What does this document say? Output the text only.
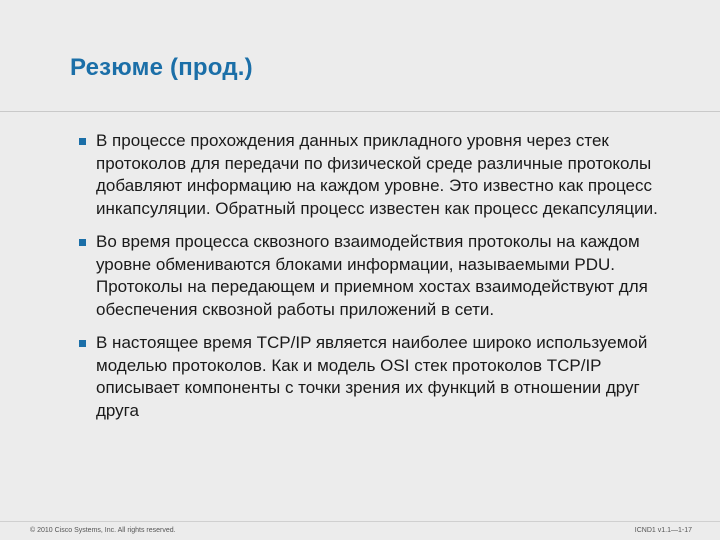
Резюме (прод.)
В процессе прохождения данных прикладного уровня через стек протоколов для передачи по физической среде различные протоколы добавляют информацию на каждом уровне. Это известно как процесс инкапсуляции. Обратный процесс известен как процесс декапсуляции.
Во время процесса сквозного взаимодействия протоколы на каждом уровне обмениваются блоками информации, называемыми PDU. Протоколы на передающем и приемном хостах взаимодействуют для обеспечения сквозной работы приложений в сети.
В настоящее время TCP/IP является наиболее широко используемой моделью протоколов. Как и модель OSI стек протоколов TCP/IP описывает компоненты с точки зрения их функций в отношении друг друга
© 2010 Cisco Systems, Inc. All rights reserved.	ICND1 v1.1—1-17
